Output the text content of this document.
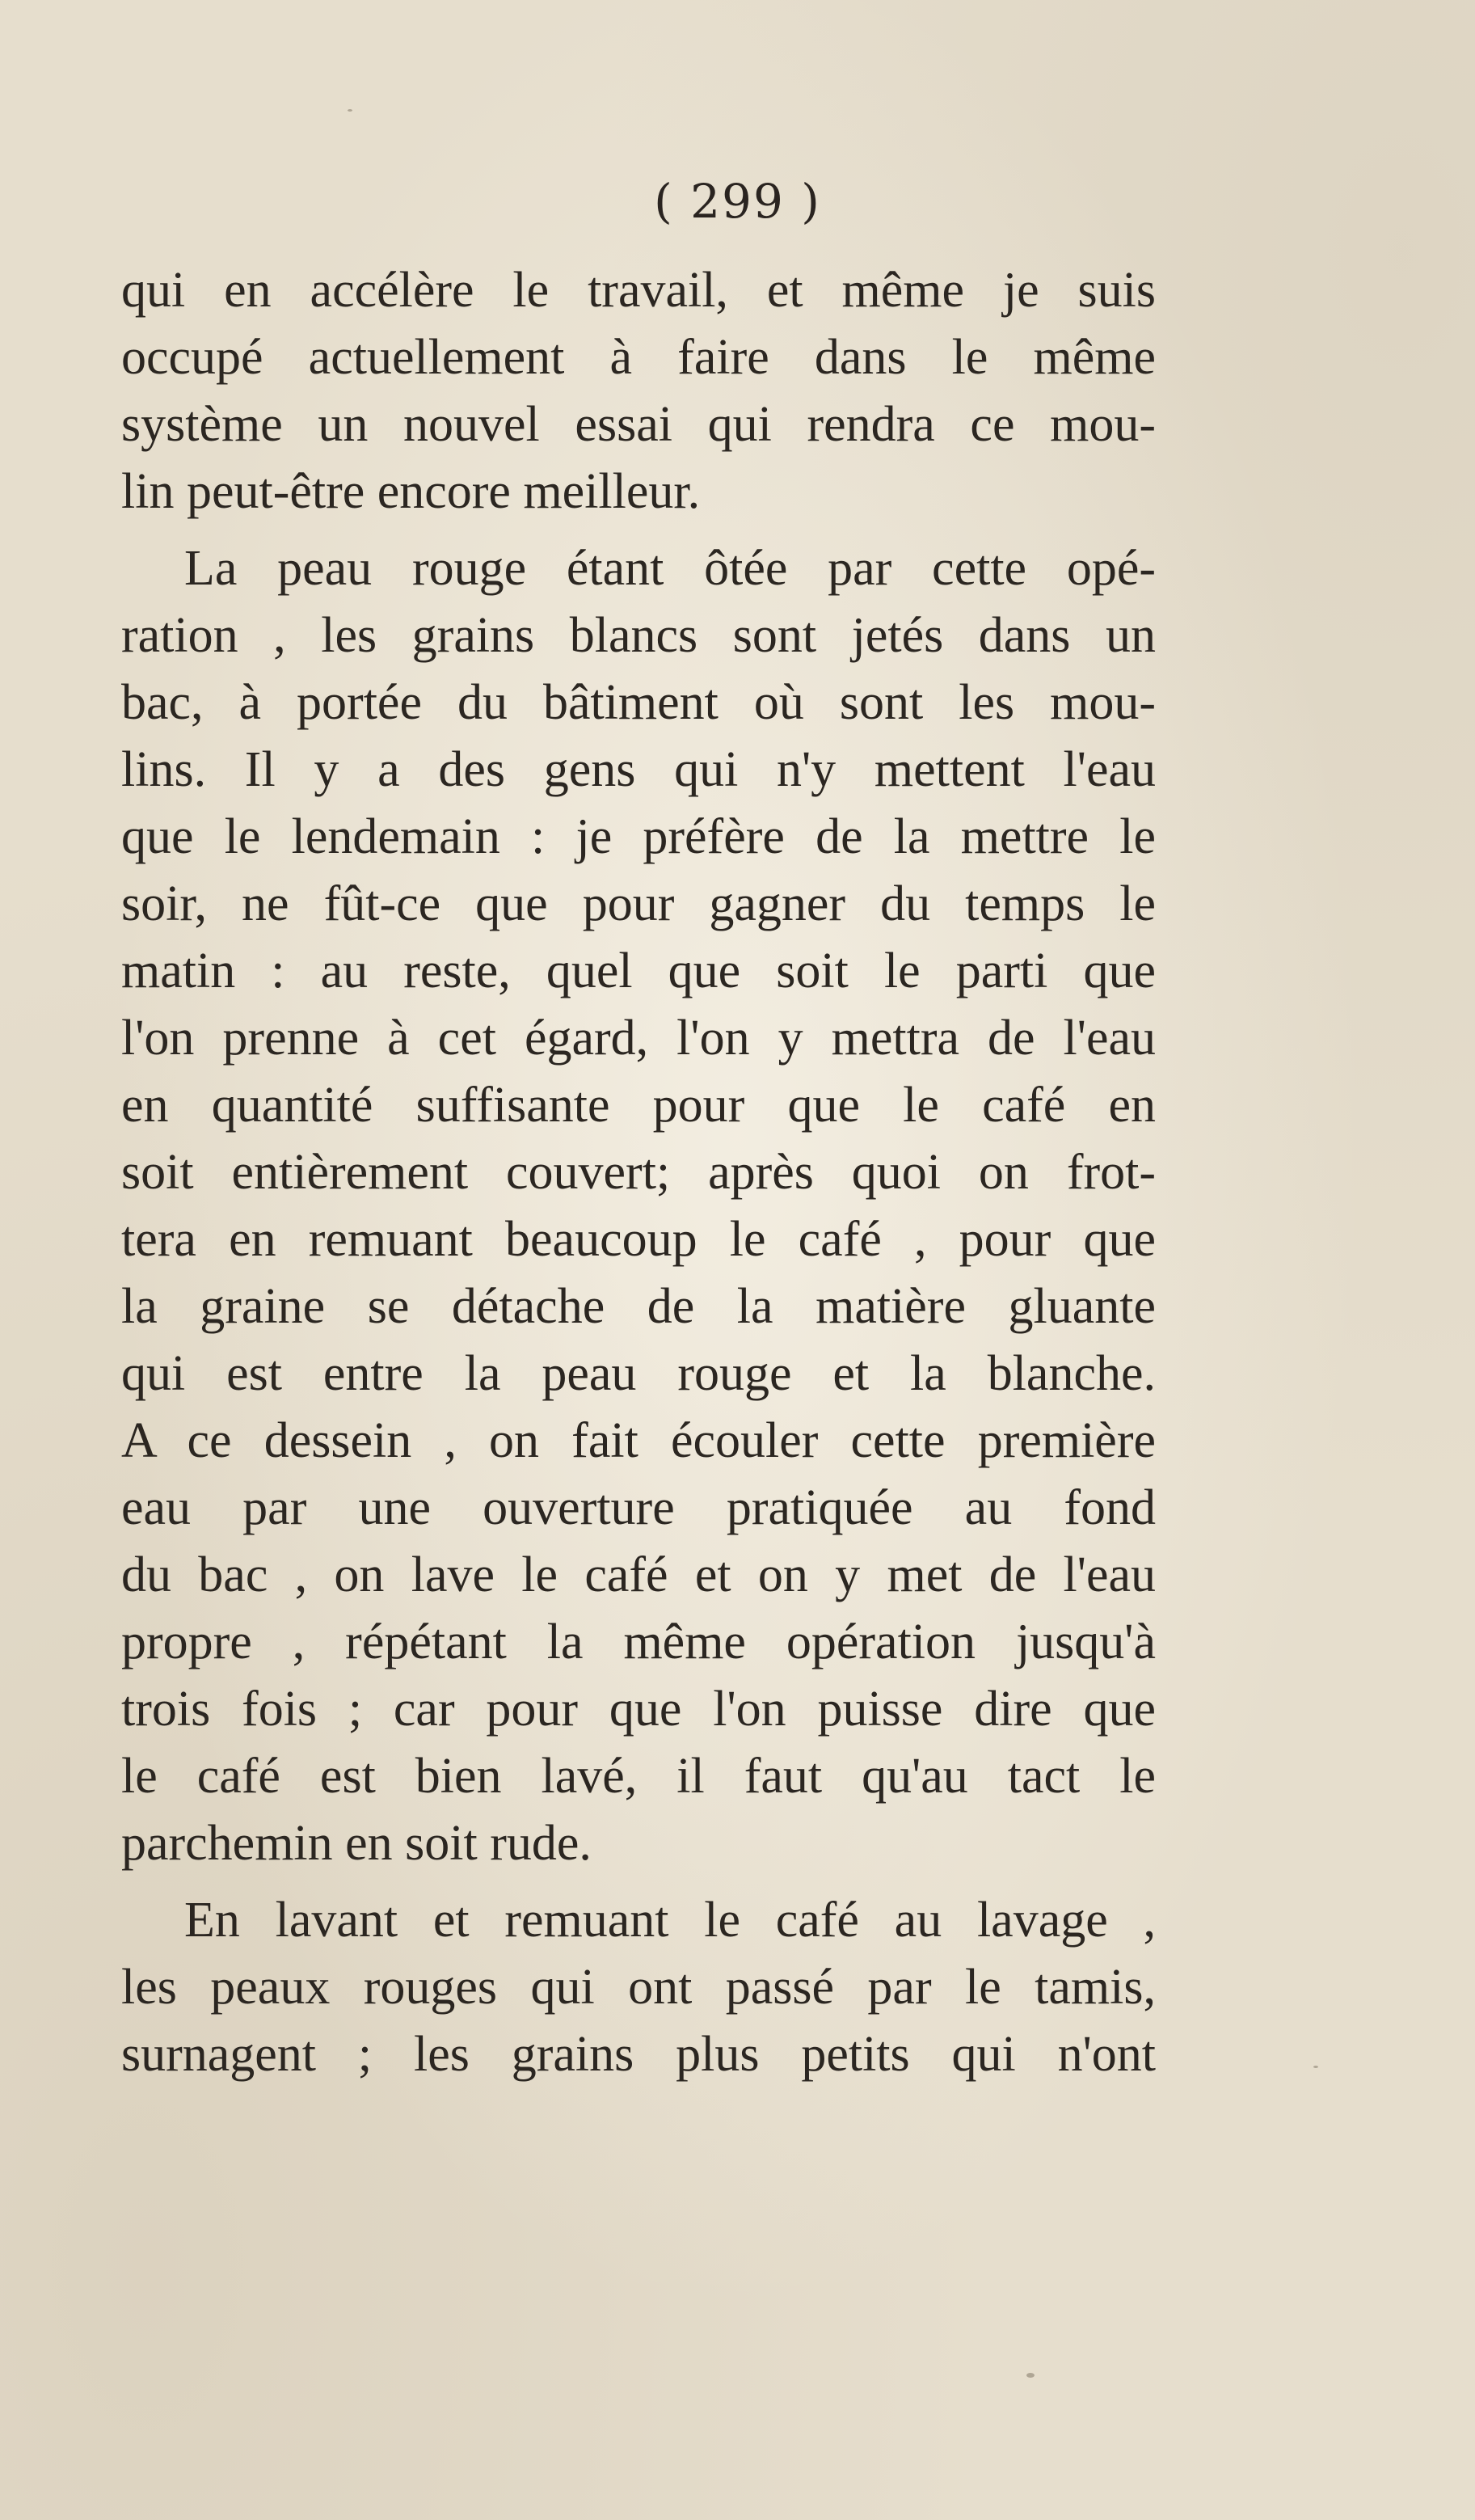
( 299 )

qui en accélère le travail, et même je suis
occupé actuellement à faire dans le même
système un nouvel essai qui rendra ce mou-
lin peut-être encore meilleur.

La peau rouge étant ôtée par cette opé-
ration , les grains blancs sont jetés dans un
bac, à portée du bâtiment où sont les mou-
lins. Il y a des gens qui n'y mettent l'eau
que le lendemain : je préfère de la mettre le
soir, ne fût-ce que pour gagner du temps le
matin : au reste, quel que soit le parti que
l'on prenne à cet égard, l'on y mettra de l'eau
en quantité suffisante pour que le café en
soit entièrement couvert; après quoi on frot-
tera en remuant beaucoup le café , pour que
la graine se détache de la matière gluante
qui est entre la peau rouge et la blanche.
A ce dessein , on fait écouler cette première
eau par une ouverture pratiquée au fond
du bac , on lave le café et on y met de l'eau
propre , répétant la même opération jusqu'à
trois fois ; car pour que l'on puisse dire que
le café est bien lavé, il faut qu'au tact le
parchemin en soit rude.

En lavant et remuant le café au lavage ,
les peaux rouges qui ont passé par le tamis,
surnagent ; les grains plus petits qui n'ont
